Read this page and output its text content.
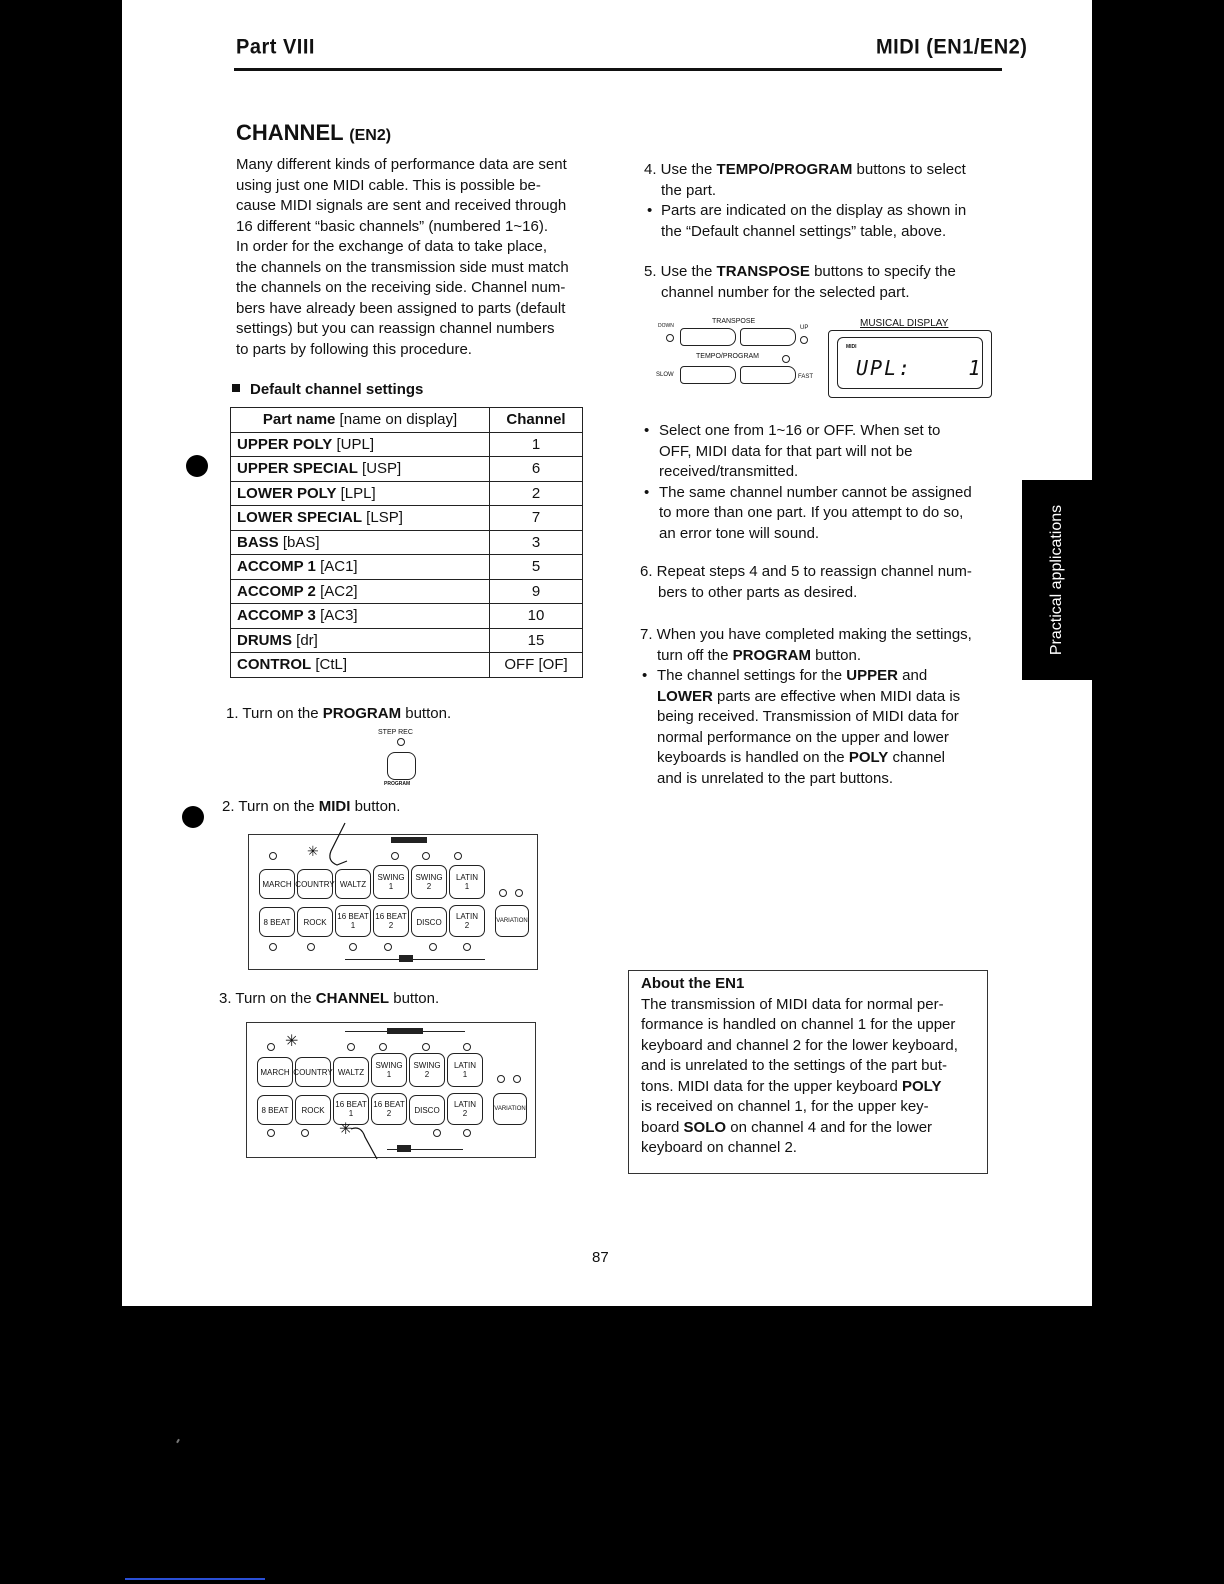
Part VIII	MIDI (EN1/EN2)
CHANNEL (EN2)
Many different kinds of performance data are sent
using just one MIDI cable. This is possible be-
cause MIDI signals are sent and received through
16 different “basic channels” (numbered 1~16).
In order for the exchange of data to take place,
the channels on the transmission side must match
the channels on the receiving side. Channel num-
bers have already been assigned to parts (default
settings) but you can reassign channel numbers
to parts by following this procedure.
Default channel settings
Part name [name on display]	Channel
UPPER POLY [UPL]	1
UPPER SPECIAL [USP]	6
LOWER POLY [LPL]	2
LOWER SPECIAL [LSP]	7
BASS [bAS]	3
ACCOMP 1 [AC1]	5
ACCOMP 2 [AC2]	9
ACCOMP 3 [AC3]	10
DRUMS [dr]	15
CONTROL [CtL]	OFF [OF]
1. Turn on the PROGRAM button.
STEP REC
PROGRAM
2. Turn on the MIDI button.
✳
MARCH COUNTRY WALTZ
SWING
1
SWING
2
LATIN
1
8 BEAT	ROCK
16 BEAT
1
16 BEAT
2	DISCO
LATIN
2
VARIATION
3. Turn on the CHANNEL button.
✳
MARCH COUNTRY WALTZ
SWING
1
SWING
2
LATIN
1
8 BEAT	ROCK
16 BEAT
1
16 BEAT
2	DISCO
LATIN
2
VARIATION
✳
4. Use the TEMPO/PROGRAM buttons to select
the part.
• Parts are indicated on the display as shown in
the “Default channel settings” table, above.
5. Use the TRANSPOSE buttons to specify the
channel number for the selected part.
TRANSPOSE
DOWN	UP
TEMPO/PROGRAM
SLOW	FAST
MUSICAL DISPLAY
MIDI
UPL:    1
• Select one from 1~16 or OFF. When set to
OFF, MIDI data for that part will not be
received/transmitted.
• The same channel number cannot be assigned
to more than one part. If you attempt to do so,
an error tone will sound.
6. Repeat steps 4 and 5 to reassign channel num-
bers to other parts as desired.
7. When you have completed making the settings,
turn off the PROGRAM button.
• The channel settings for the UPPER and
LOWER parts are effective when MIDI data is
being received. Transmission of MIDI data for
normal performance on the upper and lower
keyboards is handled on the POLY channel
and is unrelated to the part buttons.
Practical applications
About the EN1
The transmission of MIDI data for normal per-
formance is handled on channel 1 for the upper
keyboard and channel 2 for the lower keyboard,
and is unrelated to the settings of the part but-
tons. MIDI data for the upper keyboard POLY
is received on channel 1, for the upper key-
board SOLO on channel 4 and for the lower
keyboard on channel 2.
87
